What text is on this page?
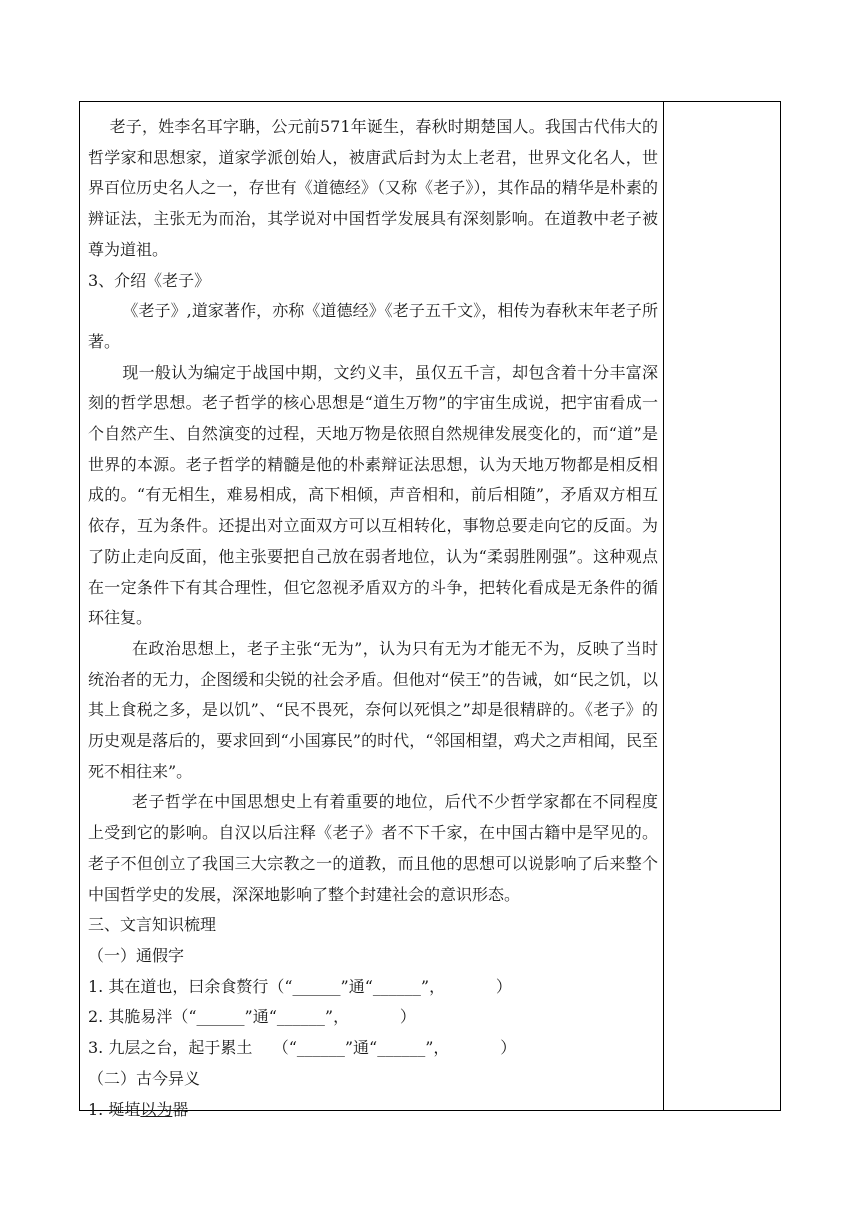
老子，姓李名耳字聃，公元前571年诞生，春秋时期楚国人。我国古代伟大的哲学家和思想家，道家学派创始人，被唐武后封为太上老君，世界文化名人，世界百位历史名人之一，存世有《道德经》（又称《老子》），其作品的精华是朴素的辨证法，主张无为而治，其学说对中国哲学发展具有深刻影响。在道教中老子被尊为道祖。

3、介绍《老子》

《老子》,道家著作，亦称《道德经》《老子五千文》，相传为春秋末年老子所著。

现一般认为编定于战国中期，文约义丰，虽仅五千言，却包含着十分丰富深刻的哲学思想。老子哲学的核心思想是“道生万物”的宇宙生成说，把宇宙看成一个自然产生、自然演变的过程，天地万物是依照自然规律发展变化的，而“道”是世界的本源。老子哲学的精髓是他的朴素辩证法思想，认为天地万物都是相反相成的。“有无相生，难易相成，高下相倾，声音相和，前后相随”，矛盾双方相互依存，互为条件。还提出对立面双方可以互相转化，事物总要走向它的反面。为了防止走向反面，他主张要把自己放在弱者地位，认为“柔弱胜刚强”。这种观点在一定条件下有其合理性，但它忽视矛盾双方的斗争，把转化看成是无条件的循环往复。

在政治思想上，老子主张“无为”，认为只有无为才能无不为，反映了当时统治者的无力，企图缓和尖锐的社会矛盾。但他对“侯王”的告诫，如“民之饥，以其上食税之多，是以饥”、“民不畏死，奈何以死惧之”却是很精辟的。《老子》的历史观是落后的，要求回到“小国寡民”的时代，“邻国相望，鸡犬之声相闻，民至死不相往来”。

老子哲学在中国思想史上有着重要的地位，后代不少哲学家都在不同程度上受到它的影响。自汉以后注释《老子》者不下千家，在中国古籍中是罕见的。老子不但创立了我国三大宗教之一的道教，而且他的思想可以说影响了后来整个中国哲学史的发展，深深地影响了整个封建社会的意识形态。

三、文言知识梳理

（一）通假字

1. 其在道也，曰余食赘行（“______”通“______”，          ）

2. 其脆易泮（“______”通“______”，          ）

3. 九层之台，起于累土    （“______”通“______”，          ）

（二）古今异义

1. 埏埴以为器
